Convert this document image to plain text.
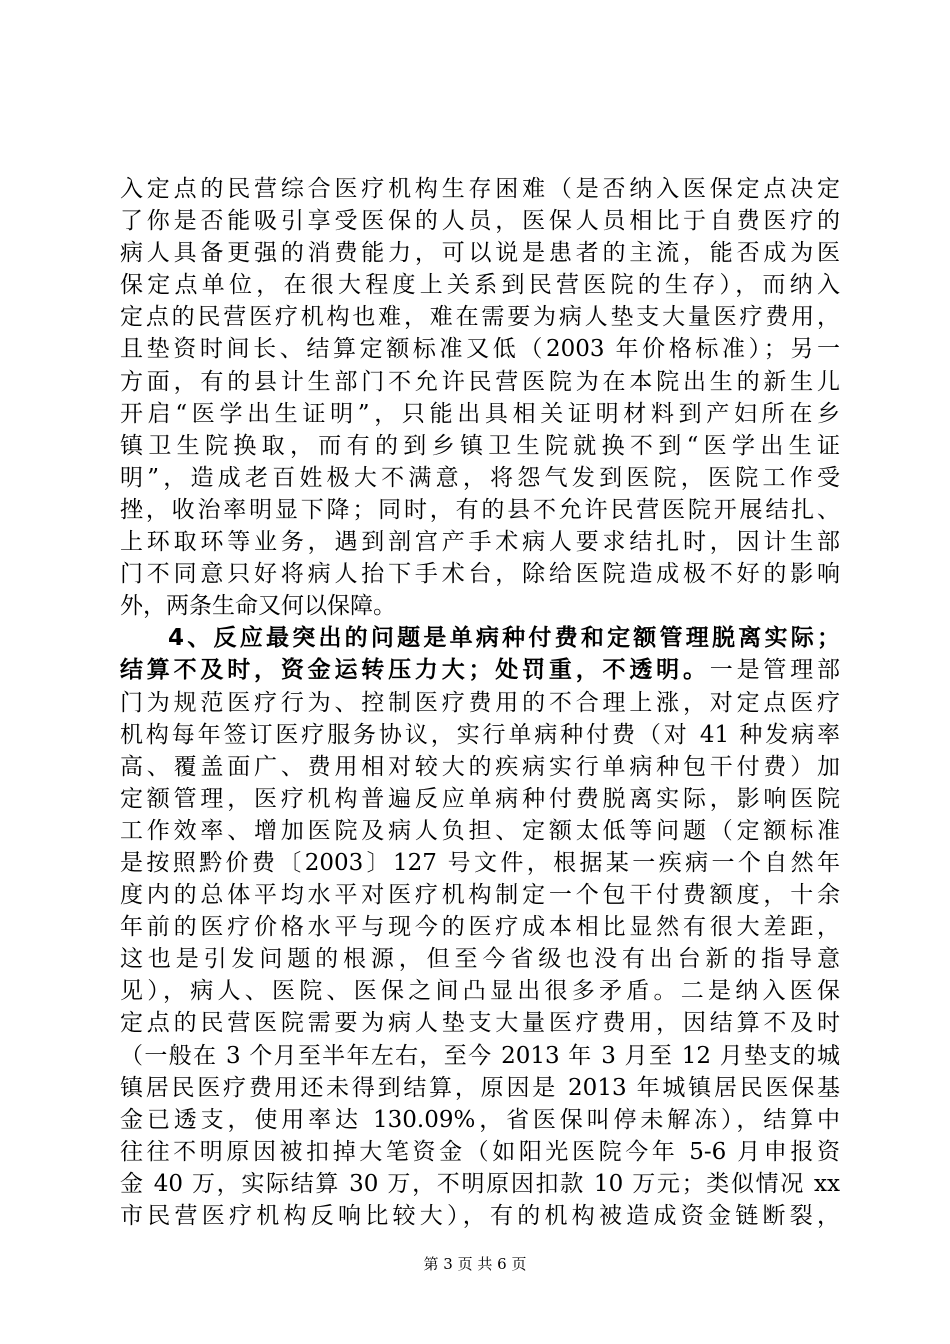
入定点的民营综合医疗机构生存困难（是否纳入医保定点决定
了你是否能吸引享受医保的人员，医保人员相比于自费医疗的
病人具备更强的消费能力，可以说是患者的主流，能否成为医
保定点单位，在很大程度上关系到民营医院的生存），而纳入
定点的民营医疗机构也难，难在需要为病人垫支大量医疗费用，
且垫资时间长、结算定额标准又低（2003 年价格标准）；另一
方面，有的县计生部门不允许民营医院为在本院出生的新生儿
开启“医学出生证明”，只能出具相关证明材料到产妇所在乡
镇卫生院换取，而有的到乡镇卫生院就换不到“医学出生证
明”，造成老百姓极大不满意，将怨气发到医院，医院工作受
挫，收治率明显下降；同时，有的县不允许民营医院开展结扎、
上环取环等业务，遇到剖宫产手术病人要求结扎时，因计生部
门不同意只好将病人抬下手术台，除给医院造成极不好的影响
外，两条生命又何以保障。
4、反应最突出的问题是单病种付费和定额管理脱离实际；
结算不及时，资金运转压力大；处罚重，不透明。一是管理部
门为规范医疗行为、控制医疗费用的不合理上涨，对定点医疗
机构每年签订医疗服务协议，实行单病种付费（对 41 种发病率
高、覆盖面广、费用相对较大的疾病实行单病种包干付费）加
定额管理，医疗机构普遍反应单病种付费脱离实际，影响医院
工作效率、增加医院及病人负担、定额太低等问题（定额标准
是按照黔价费〔2003〕127 号文件，根据某一疾病一个自然年
度内的总体平均水平对医疗机构制定一个包干付费额度，十余
年前的医疗价格水平与现今的医疗成本相比显然有很大差距，
这也是引发问题的根源，但至今省级也没有出台新的指导意
见），病人、医院、医保之间凸显出很多矛盾。二是纳入医保
定点的民营医院需要为病人垫支大量医疗费用，因结算不及时
（一般在 3 个月至半年左右，至今 2013 年 3 月至 12 月垫支的城
镇居民医疗费用还未得到结算，原因是 2013 年城镇居民医保基
金已透支，使用率达 130.09%，省医保叫停未解冻），结算中
往往不明原因被扣掉大笔资金（如阳光医院今年 5-6 月申报资
金 40 万，实际结算 30 万，不明原因扣款 10 万元；类似情况 xx
市民营医疗机构反响比较大），有的机构被造成资金链断裂，
第 3 页 共 6 页
